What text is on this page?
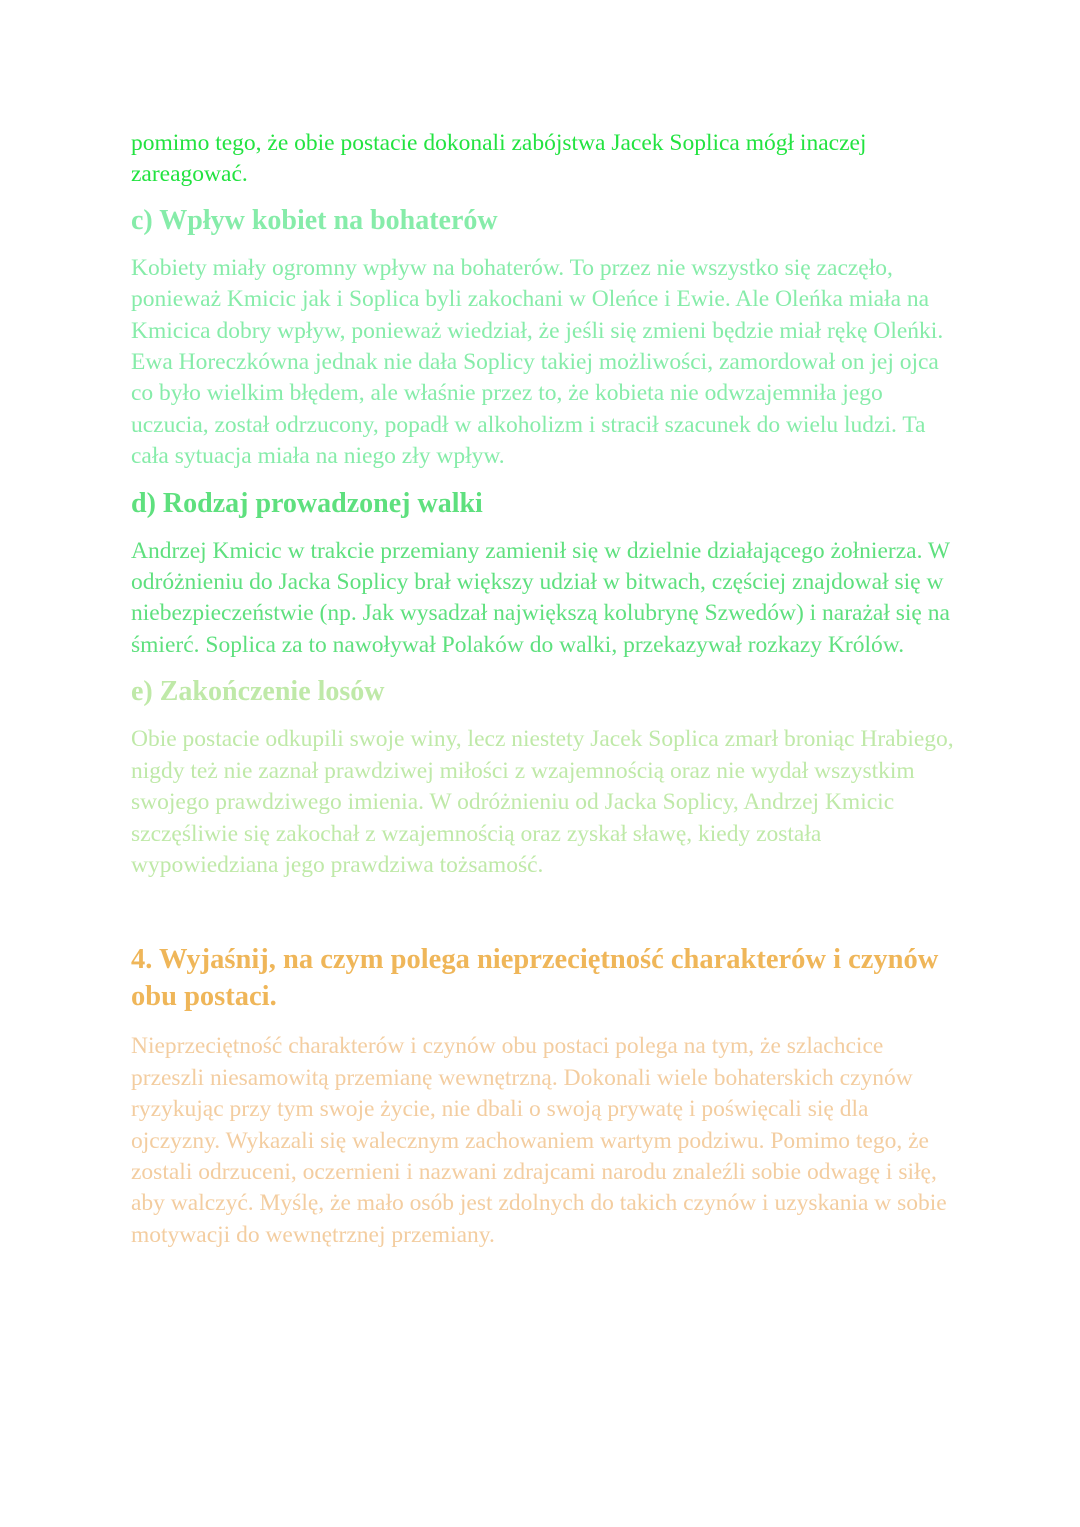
pomimo tego, że obie postacie dokonali zabójstwa Jacek Soplica mógł inaczej zareagować.

c) Wpływ kobiet na bohaterów

Kobiety miały ogromny wpływ na bohaterów. To przez nie wszystko się zaczęło, ponieważ Kmicic jak i Soplica byli zakochani w Oleńce i Ewie. Ale Oleńka miała na Kmicica dobry wpływ, ponieważ wiedział, że jeśli się zmieni będzie miał rękę Oleńki. Ewa Horeczkówna jednak nie dała Soplicy takiej możliwości, zamordował on jej ojca co było wielkim błędem, ale właśnie przez to, że kobieta nie odwzajemniła jego uczucia, został odrzucony, popadł w alkoholizm i stracił szacunek do wielu ludzi. Ta cała sytuacja miała na niego zły wpływ.

d) Rodzaj prowadzonej walki

Andrzej Kmicic w trakcie przemiany zamienił się w dzielnie działającego żołnierza. W odróżnieniu do Jacka Soplicy brał większy udział w bitwach, częściej znajdował się w niebezpieczeństwie (np. Jak wysadzał największą kolubrynę Szwedów) i narażał się na śmierć. Soplica za to nawoływał Polaków do walki, przekazywał rozkazy Królów.

e) Zakończenie losów

Obie postacie odkupili swoje winy, lecz niestety Jacek Soplica zmarł broniąc Hrabiego, nigdy też nie zaznał prawdziwej miłości z wzajemnością oraz nie wydał wszystkim swojego prawdziwego imienia. W odróżnieniu od Jacka Soplicy, Andrzej Kmicic szczęśliwie się zakochał z wzajemnością oraz zyskał sławę, kiedy została wypowiedziana jego prawdziwa tożsamość.

4. Wyjaśnij, na czym polega nieprzeciętność charakterów i czynów obu postaci.

Nieprzeciętność charakterów i czynów obu postaci polega na tym, że szlachcice przeszli niesamowitą przemianę wewnętrzną. Dokonali wiele bohaterskich czynów ryzykując przy tym swoje życie, nie dbali o swoją prywatę i poświęcali się dla ojczyzny. Wykazali się walecznym zachowaniem wartym podziwu. Pomimo tego, że zostali odrzuceni, oczernieni i nazwani zdrajcami narodu znaleźli sobie odwagę i siłę, aby walczyć. Myślę, że mało osób jest zdolnych do takich czynów i uzyskania w sobie motywacji do wewnętrznej przemiany.
